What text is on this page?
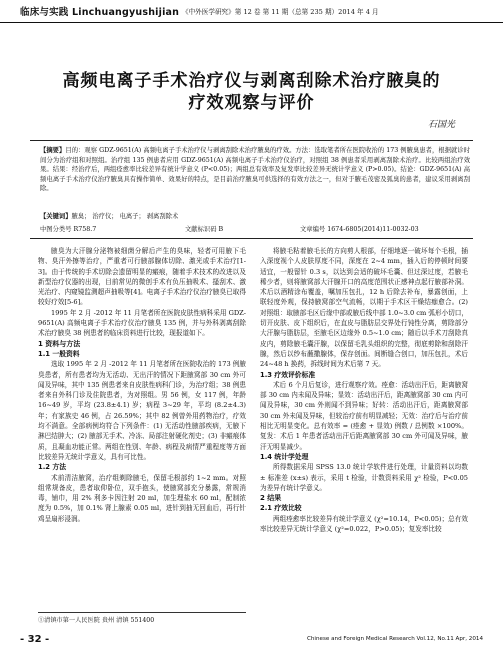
临床与实践 Linchuangyushijian 《中外医学研究》第 12 卷 第 11 期（总第 235 期）2014 年 4 月
高频电离子手术治疗仪与剥离刮除术治疗腋臭的
疗效观察与评价
石国光
【摘要】目的：观察 GDZ-9651(A) 高频电离子手术治疗仪与剥离刮除术治疗腋臭的疗效。方法：选取笔者所在医院收治的 173 例腋臭患者，根据就诊时间分为治疗组和对照组。治疗组 135 例患者应用 GDZ-9651(A) 高频电离子手术治疗仪治疗，对照组 38 例患者采用剥离刮除术治疗。比较两组治疗效果。结果：经治疗后，两组痊愈率比较差异有统计学意义 (P<0.05)；两组总有效率及复发率比较差异无统计学意义 (P>0.05)。结论：GDZ-9651(A) 高频电离子手术治疗仪治疗腋臭具有操作简单、效果好的特点，是目前治疗腋臭可供选择的有效方法之一，但对于腋毛茂密及狐臭的患者，建议采用剥离刮除。
【关键词】腋臭； 治疗仪； 电离子； 剥离刮除术
中图分类号 R758.7	文献标识码 B	文章编号 1674-6805(2014)11-0032-03

腋臭为大汗腺分泌物被细菌分解后产生的臭味，轻者可用腋下毛物、臭汗外擦等治疗，严重者可行腋部腺体切除、激光或手术治疗[1-3]。由于传统的手术切除会遗留明显的瘢痕，随着手术技术的改进以及新型治疗仪器的出现，目前常见的微创手术有负压抽吸术、搔刮术、激光治疗、内窥镜监测超声抽吸等[4]。电离子手术治疗仪治疗腋臭已取得较好疗效[5-6]。

1995 年 2 月 -2012 年 11 月笔者所在医院皮肤性病科采用 GDZ-9651(A) 高频电离子手术治疗仪治疗腋臭 135 例，并与外科剥离刮除术治疗腋臭 38 例患者的临床资料进行比较，现报道如下。

1 资料与方法
1.1 一般资料

选取 1995 年 2 月 -2012 年 11 月笔者所在医院收治的 173 例腋臭患者，所有患者均为无活动、无出汗的情况下距腋窝部 30 cm 外可闻及异味，其中 135 例患者来自皮肤性病科门诊，为治疗组；38 例患者来自外科门诊及住院患者，为对照组。男 56 例，女 117 例，年龄 16~49 岁，平均 (23.8±4.1) 岁；病程 3~29 年，平均 (8.2±4.3) 年；有家族史 46 例，占 26.59%；其中 82 例曾外用药物治疗，疗效均不满意。全部病例均符合下列条件：(1) 无活动性腋部疾病，无腋下淋巴结肿大；(2) 腋部无手术、冷冻、局部注射硬化剂史；(3) 非瘢痕体质，且凝血功能正常。两组在性别、年龄、病程及病情严重程度等方面比较差异无统计学意义，具有可比性。

1.2 方法

术前清洁腋窝，治疗组剃除腋毛，保留毛根部约 1~2 mm。对照组常规备皮，患者取仰卧位，双手抱头，使腋窝部充分暴露，常规消毒，铺巾，用 2% 利多卡因注射 20 ml，加生理盐水 60 ml，配制浓度为 0.5%，加 0.1% 肾上腺素 0.05 ml，进针到抽无回血后，再行针鸡呈扇形浸润。

将腋毛粘着腋毛长的方向剪人根部，仔细地逐一破坏每个毛根，插入深度视个人皮肤厚度不同，深度在 2~4 mm，插入后的停顿时间要适宜，一般留针 0.3 s，以达到会适的破坏毛囊、但过深过度，若腋毛稀少者，则将腋窝部大汗腺开口的高度范围状正感神点起行腋部补洞。术后以酒精涂布覆盖，嘱加压包扎，12 h 后除去补布，暴露创面，上联轻度外观，保持腋窝部空气流畅，以期于手术区干燥结痂愈合。(2) 对照组：取腋部毛区后缘中部或腋后线中部 1.0~3.0 cm 弧形小切口，切开皮肤、皮下组织后，在直皮与脂肪层交界处行钝性分离，剪除部分大汗腺与脂肪层，至腋毛区边缘外 0.5~1.0 cm；随后以手术刀刮除真皮内，剪除腋毛囊汗腺，以保留毛乳头组织的完整，彻底剪除和刮除汗腺，然后以纱布蘸撒腺体，保存创面。间断缝合创口，加压包扎，术后 24~48 h 换药，拆线时间为术后第 7 天。

1.3 疗效评价标准

术后 6 个月后复诊，进行观察疗效。痊愈：活动出汗后，距离腋窝部 30 cm 内未闻及异味；显效：活动出汗后，距离腋窝部 30 cm 内可闻及异味，30 cm 外则闻不到异味；好转：活动出汗后，距离腋窝部 30 cm 外未闻及异味，但较治疗前有明显减轻；无效：治疗后与治疗前相比无明显变化。总有效率 = (痊愈 + 显效) 例数 / 总例数 ×100%。复发：术后 1 年患者活动出汗后距离腋窝部 30 cm 外可闻及异味，腋汗无明显减少。

1.4 统计学处理

所得数据采用 SPSS 13.0 统计学软件进行处理，计量资料以均数 ± 标准差 (x±s) 表示，采用 t 检验，计数资料采用 χ² 检验，P<0.05 为差异有统计学意义。

2 结果
2.1 疗效比较

两组痊愈率比较差异有统计学意义 (χ²=10.14，P<0.05)；总有效率比较差异无统计学意义 (χ²=0.022，P>0.05)；复发率比较

①清镇市第一人民医院 贵州 清镇 551400
- 32 -	Chinese and Foreign Medical Research Vol.12, No.11 Apr, 2014
